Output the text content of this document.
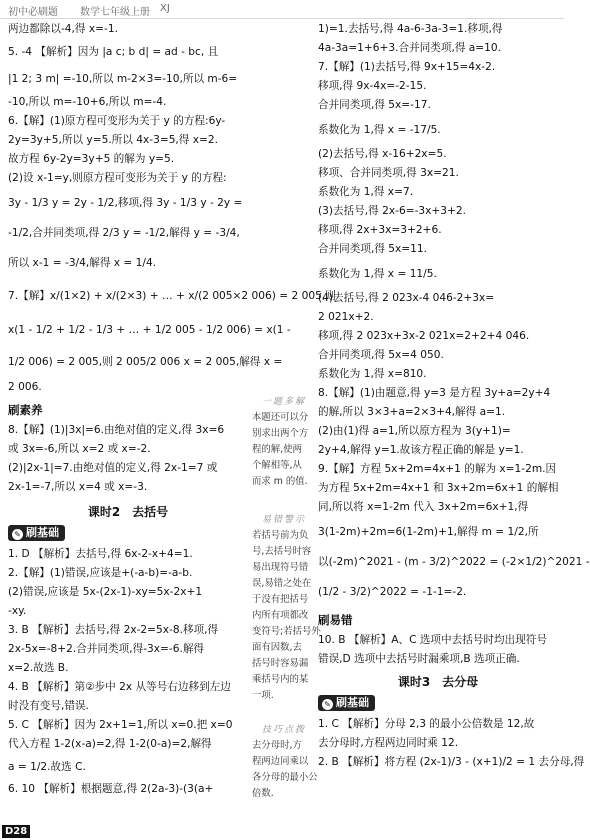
初中必刷题 数学七年级上册 XJ
两边都除以-4,得 x=-1.
5. -4 【解析】因为 |a c; b d| = ad - bc, 且
|1 2; 3 m| =-10,所以 m-2×3=-10,所以 m-6=
-10,所以 m=-10+6,所以 m=-4.
6.【解】(1)原方程可变形为关于 y 的方程:6y-
2y=3y+5,所以 y=5.所以 4x-3=5,得 x=2.
故方程 6y-2y=3y+5 的解为 y=5.
(2)设 x-1=y,则原方程可变形为关于 y 的方程:
3y - 1/3 y = 2y - 1/2,移项,得 3y - 1/3 y - 2y =
-1/2,合并同类项,得 2/3 y = -1/2,解得 y = -3/4,
所以 x-1 = -3/4,解得 x = 1/4.
7.【解】x/(1×2) + x/(2×3) + … + x/(2 005×2 006) = 2 005,则
x(1 - 1/2 + 1/2 - 1/3 + … + 1/2 005 - 1/2 006) = x(1 -
1/2 006) = 2 005,则 2 005/2 006 x = 2 005,解得 x =
2 006.
刷素养
8.【解】(1)|3x|=6.由绝对值的定义,得 3x=6
或 3x=-6,所以 x=2 或 x=-2.
(2)|2x-1|=7.由绝对值的定义,得 2x-1=7 或
2x-1=-7,所以 x=4 或 x=-3.
课时2　去括号
✎ 刷基础
1. D 【解析】去括号,得 6x-2-x+4=1.
2.【解】(1)错误,应该是+(-a-b)=-a-b.
(2)错误,应该是 5x-(2x-1)-xy=5x-2x+1
-xy.
3. B 【解析】去括号,得 2x-2=5x-8.移项,得
2x-5x=-8+2.合并同类项,得-3x=-6.解得
x=2.故选 B.
4. B 【解析】第②步中 2x 从等号右边移到左边
时没有变号,错误.
5. C 【解析】因为 2x+1=1,所以 x=0.把 x=0
代入方程 1-2(x-a)=2,得 1-2(0-a)=2,解得
a = 1/2.故选 C.
6. 10 【解析】根据题意,得 2(2a-3)-(3(a+
一题多解
本题还可以分
别求出两个方
程的解,使两
个解相等,从
而求 m 的值.
易错警示
若括号前为负
号,去括号时容
易出现符号错
误,易错之处在
于没有把括号
内所有项都改
变符号;若括号外
面有因数,去
括号时容易漏
乘括号内的某
一项.
技巧点拨
去分母时,方
程两边同乘以
各分母的最小公
倍数.
1)=1.去括号,得 4a-6-3a-3=1.移项,得
4a-3a=1+6+3.合并同类项,得 a=10.
7.【解】(1)去括号,得 9x+15=4x-2.
移项,得 9x-4x=-2-15.
合并同类项,得 5x=-17.
系数化为 1,得 x = -17/5.
(2)去括号,得 x-16+2x=5.
移项、合并同类项,得 3x=21.
系数化为 1,得 x=7.
(3)去括号,得 2x-6=-3x+3+2.
移项,得 2x+3x=3+2+6.
合并同类项,得 5x=11.
系数化为 1,得 x = 11/5.
(4)去括号,得 2 023x-4 046-2+3x=
2 021x+2.
移项,得 2 023x+3x-2 021x=2+2+4 046.
合并同类项,得 5x=4 050.
系数化为 1,得 x=810.
8.【解】(1)由题意,得 y=3 是方程 3y+a=2y+4
的解,所以 3×3+a=2×3+4,解得 a=1.
(2)由(1)得 a=1,所以原方程为 3(y+1)=
2y+4,解得 y=1.故该方程正确的解是 y=1.
9.【解】方程 5x+2m=4x+1 的解为 x=1-2m.因
为方程 5x+2m=4x+1 和 3x+2m=6x+1 的解相
同,所以将 x=1-2m 代入 3x+2m=6x+1,得
3(1-2m)+2m=6(1-2m)+1,解得 m = 1/2,所
以(-2m)^2021 - (m - 3/2)^2022 = (-2×1/2)^2021 -
(1/2 - 3/2)^2022 = -1-1=-2.
刷易错
10. B 【解析】A、C 选项中去括号时均出现符号
错误,D 选项中去括号时漏乘项,B 选项正确.
课时3　去分母
✎ 刷基础
1. C 【解析】分母 2,3 的最小公倍数是 12,故
去分母时,方程两边同时乘 12.
2. B 【解析】将方程 (2x-1)/3 - (x+1)/2 = 1 去分母,得
D28
